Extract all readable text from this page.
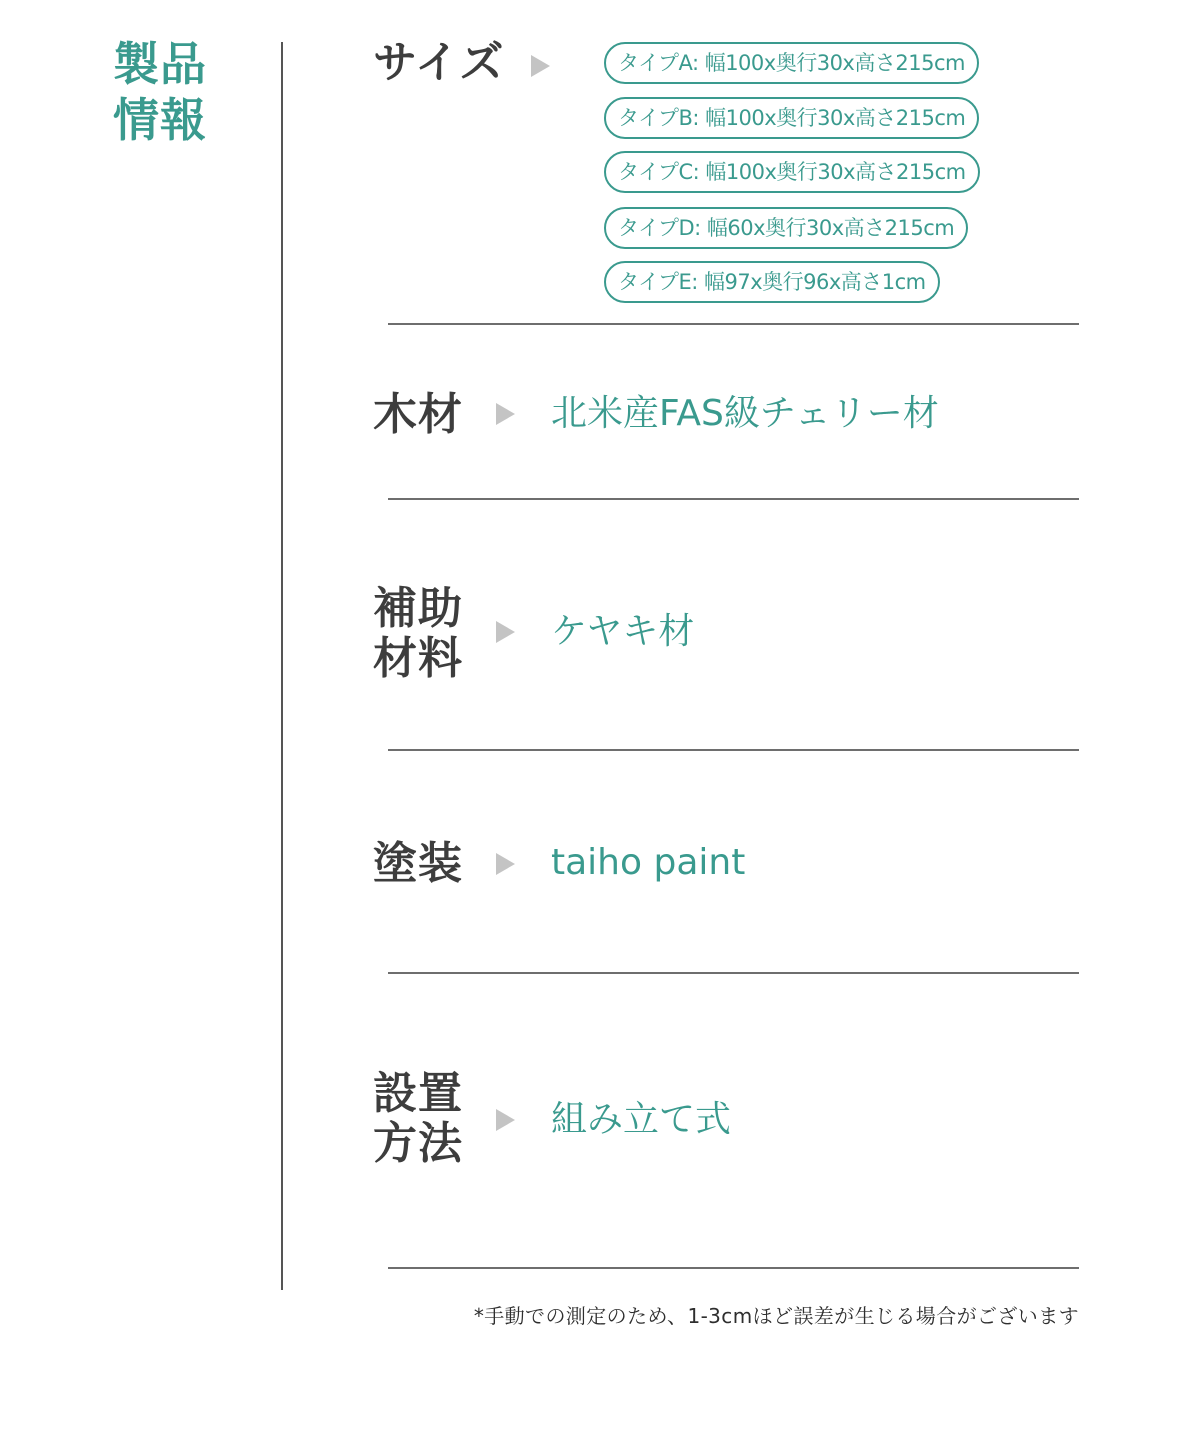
製品
情報
サイズ	タイプA: 幅100x奥行30x高さ215cm
タイプB: 幅100x奥行30x高さ215cm
タイプC: 幅100x奥行30x高さ215cm
タイプD: 幅60x奥行30x高さ215cm
タイプE: 幅97x奥行96x高さ1cm
木材 北米産FAS級チェリー材
補助
材料
ケヤキ材
塗装 taiho paint
設置
方法 組み立て式
*手動での測定のため、1-3cmほど誤差が生じる場合がございます
